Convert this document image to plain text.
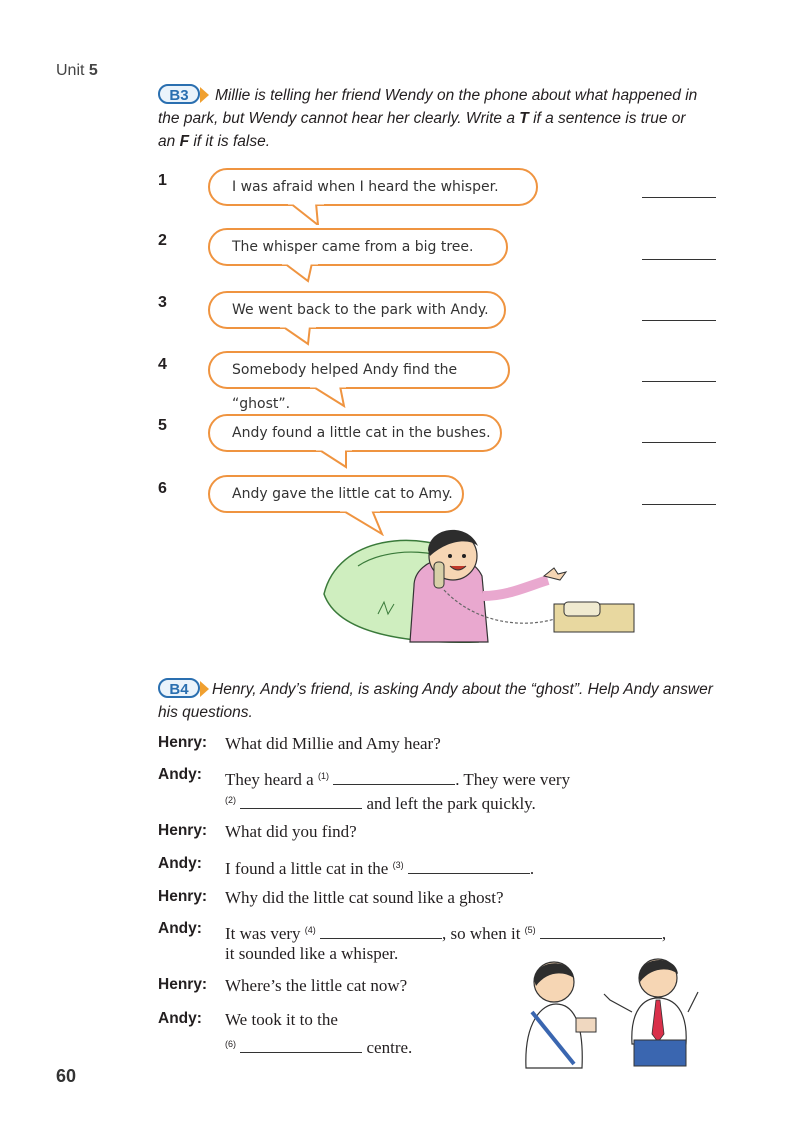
Unit 5
B3	Millie is telling her friend Wendy on the phone about what happened in
the park, but Wendy cannot hear her clearly. Write a T if a sentence is true or
an F if it is false.
1	I was afraid when I heard the whisper.
2	The whisper came from a big tree.
3	We went back to the park with Andy.
4	Somebody helped Andy find the “ghost”.
5	Andy found a little cat in the bushes.
6	Andy gave the little cat to Amy.
B4	Henry, Andy’s friend, is asking Andy about the “ghost”. Help Andy answer
his questions.
Henry: What did Millie and Amy hear?
Andy: They heard a $^{(1)}$	. They were very
$^{(2)}$	and left the park quickly.
Henry: What did you find?
Andy: I found a little cat in the $^{(3)}$	.
Henry: Why did the little cat sound like a ghost?
Andy: It was very $^{(4)}$	, so when it $^{(5)}$	,
it sounded like a whisper.
Henry: Where’s the little cat now?
Andy: We took it to the
$^{(6)}$	centre.
60
